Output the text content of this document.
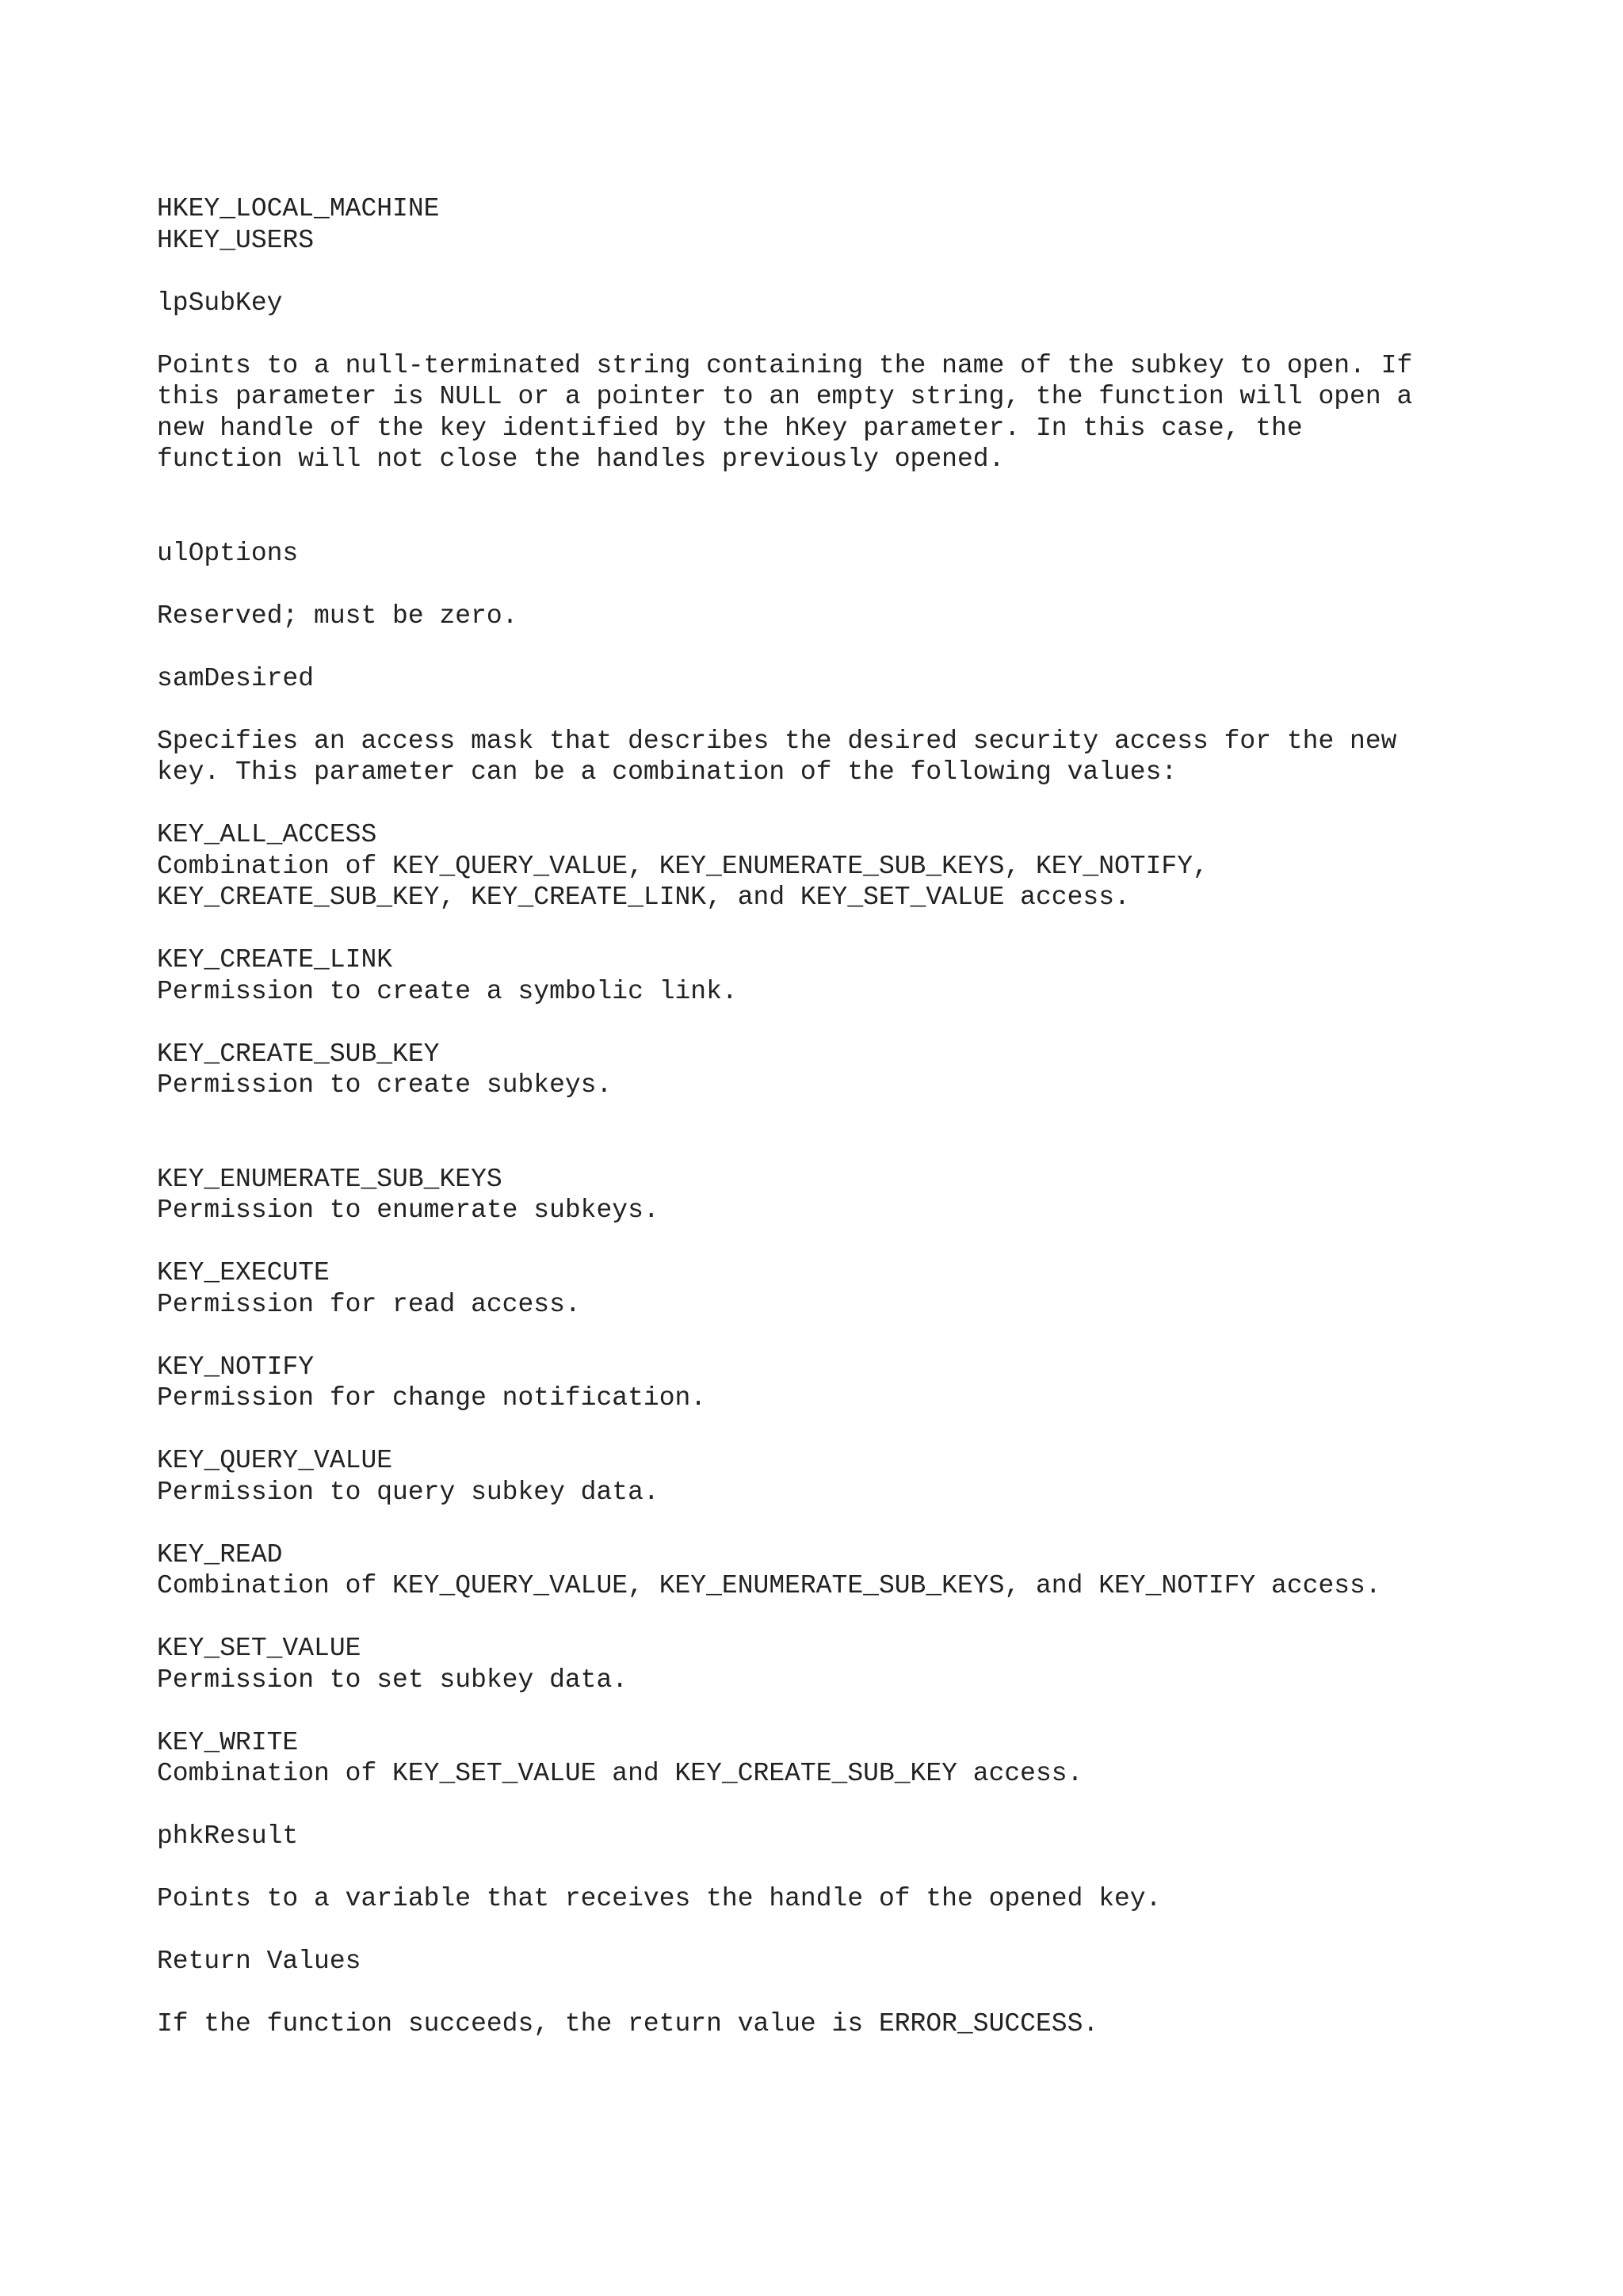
HKEY_LOCAL_MACHINE
HKEY_USERS
lpSubKey
Points to a null-terminated string containing the name of the subkey to open. If
this parameter is NULL or a pointer to an empty string, the function will open a
new handle of the key identified by the hKey parameter. In this case, the
function will not close the handles previously opened.
ulOptions
Reserved; must be zero.
samDesired
Specifies an access mask that describes the desired security access for the new
key. This parameter can be a combination of the following values:
KEY_ALL_ACCESS
Combination of KEY_QUERY_VALUE, KEY_ENUMERATE_SUB_KEYS, KEY_NOTIFY,
KEY_CREATE_SUB_KEY, KEY_CREATE_LINK, and KEY_SET_VALUE access.
KEY_CREATE_LINK
Permission to create a symbolic link.
KEY_CREATE_SUB_KEY
Permission to create subkeys.
KEY_ENUMERATE_SUB_KEYS
Permission to enumerate subkeys.
KEY_EXECUTE
Permission for read access.
KEY_NOTIFY
Permission for change notification.
KEY_QUERY_VALUE
Permission to query subkey data.
KEY_READ
Combination of KEY_QUERY_VALUE, KEY_ENUMERATE_SUB_KEYS, and KEY_NOTIFY access.
KEY_SET_VALUE
Permission to set subkey data.
KEY_WRITE
Combination of KEY_SET_VALUE and KEY_CREATE_SUB_KEY access.
phkResult
Points to a variable that receives the handle of the opened key.
Return Values
If the function succeeds, the return value is ERROR_SUCCESS.
